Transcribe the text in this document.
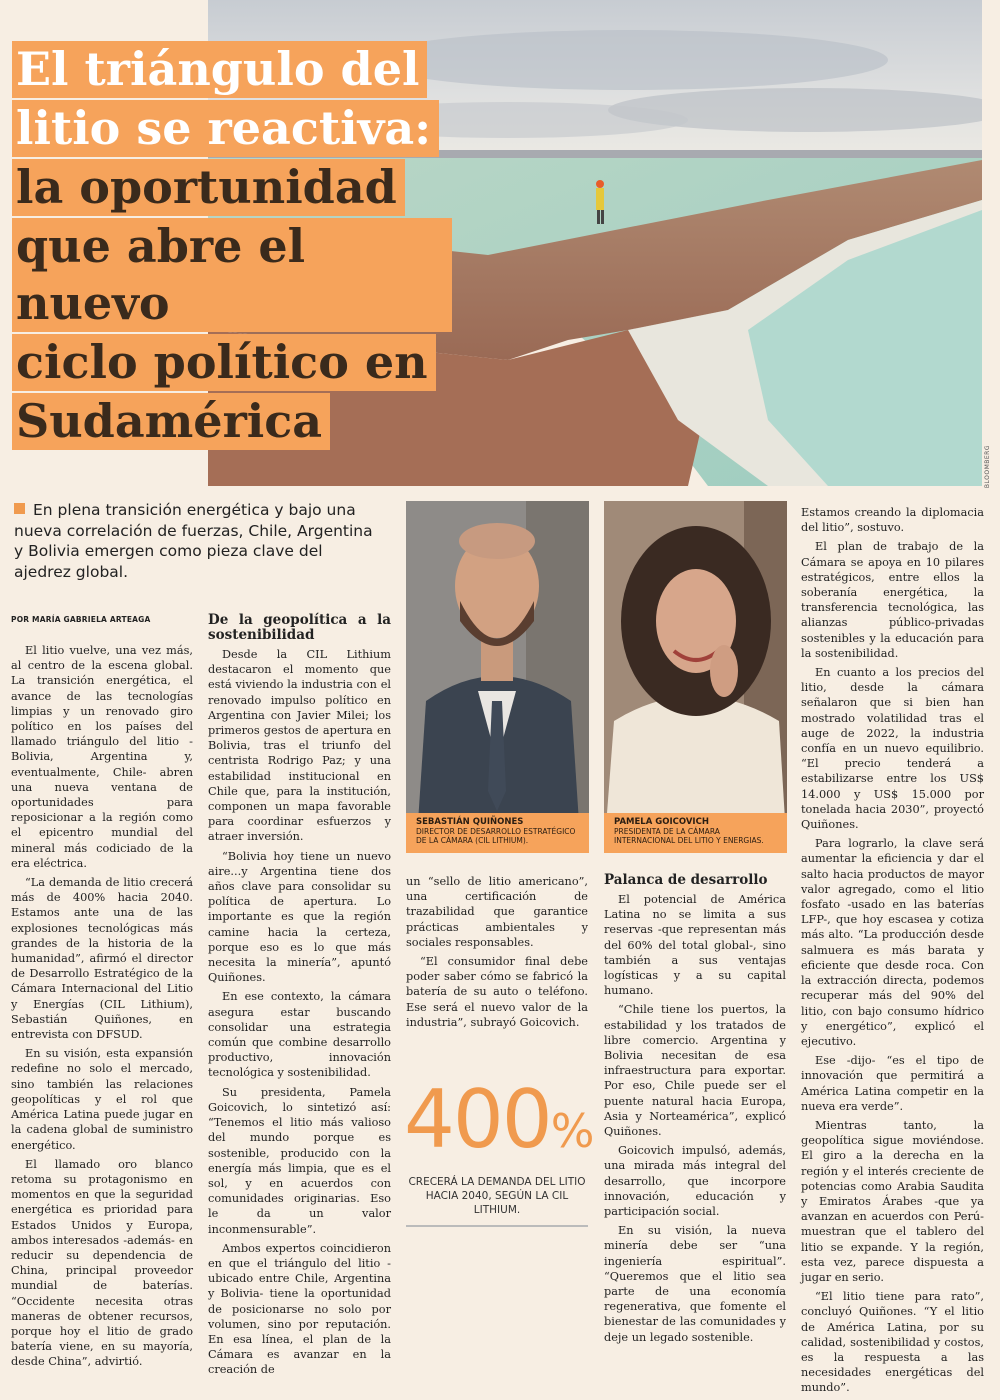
BLOOMBERG
El triángulo del
litio se reactiva:
la oportunidad
que abre el nuevo
ciclo político en
Sudamérica
En plena transición energética y bajo una nueva correlación de fuerzas, Chile, Argentina y Bolivia emergen como pieza clave del ajedrez global.
POR MARÍA GABRIELA ARTEAGA

El litio vuelve, una vez más, al centro de la escena global. La transición energética, el avance de las tecnologías limpias y un renovado giro político en los países del llamado triángulo del litio -Bolivia, Argentina y, eventualmente, Chile- abren una nueva ventana de oportunidades para reposicionar a la región como el epicentro mundial del mineral más codiciado de la era eléctrica.

“La demanda de litio crecerá más de 400% hacia 2040. Estamos ante una de las explosiones tecnológicas más grandes de la historia de la humanidad”, afirmó el director de Desarrollo Estratégico de la Cámara Internacional del Litio y Energías (CIL Lithium), Sebastián Quiñones, en entrevista con DFSUD.

En su visión, esta expansión redefine no solo el mercado, sino también las relaciones geopolíticas y el rol que América Latina puede jugar en la cadena global de suministro energético.

El llamado oro blanco retoma su protagonismo en momentos en que la seguridad energética es prioridad para Estados Unidos y Europa, ambos interesados -además- en reducir su dependencia de China, principal proveedor mundial de baterías. “Occidente necesita otras maneras de obtener recursos, porque hoy el litio de grado batería viene, en su mayoría, desde China”, advirtió.

De la geopolítica a la sostenibilidad

Desde la CIL Lithium destacaron el momento que está viviendo la industria con el renovado impulso político en Argentina con Javier Milei; los primeros gestos de apertura en Bolivia, tras el triunfo del centrista Rodrigo Paz; y una estabilidad institucional en Chile que, para la institución, componen un mapa favorable para coordinar esfuerzos y atraer inversión.

“Bolivia hoy tiene un nuevo aire...y Argentina tiene dos años clave para consolidar su política de apertura. Lo importante es que la región camine hacia la certeza, porque eso es lo que más necesita la minería”, apuntó Quiñones.

En ese contexto, la cámara asegura estar buscando consolidar una estrategia común que combine desarrollo productivo, innovación tecnológica y sostenibilidad.

Su presidenta, Pamela Goicovich, lo sintetizó así: “Tenemos el litio más valioso del mundo porque es sostenible, producido con la energía más limpia, que es el sol, y en acuerdos con comunidades originarias. Eso le da un valor inconmensurable”.

Ambos expertos coincidieron en que el triángulo del litio -ubicado entre Chile, Argentina y Bolivia- tiene la oportunidad de posicionarse no solo por volumen, sino por reputación. En esa línea, el plan de la Cámara es avanzar en la creación de

SEBASTIÁN QUIÑONES
DIRECTOR DE DESARROLLO ESTRATÉGICO DE LA CÁMARA (CIL LITHIUM).
PAMELA GOICOVICH
PRESIDENTA DE LA CÁMARA INTERNACIONAL DEL LITIO Y ENERGIAS.

un “sello de litio americano”, una certificación de trazabilidad que garantice prácticas ambientales y sociales responsables.

“El consumidor final debe poder saber cómo se fabricó la batería de su auto o teléfono. Ese será el nuevo valor de la industria”, subrayó Goicovich.

400%
CRECERÁ LA DEMANDA DEL LITIO HACIA 2040, SEGÚN LA CIL LITHIUM.
Palanca de desarrollo

El potencial de América Latina no se limita a sus reservas -que representan más del 60% del total global-, sino también a sus ventajas logísticas y a su capital humano.

“Chile tiene los puertos, la estabilidad y los tratados de libre comercio. Argentina y Bolivia necesitan de esa infraestructura para exportar. Por eso, Chile puede ser el puente natural hacia Europa, Asia y Norteamérica”, explicó Quiñones.

Goicovich impulsó, además, una mirada más integral del desarrollo, que incorpore innovación, educación y participación social.

En su visión, la nueva minería debe ser “una ingeniería espiritual”. “Queremos que el litio sea parte de una economía regenerativa, que fomente el bienestar de las comunidades y deje un legado sostenible.

Estamos creando la diplomacia del litio”, sostuvo.

El plan de trabajo de la Cámara se apoya en 10 pilares estratégicos, entre ellos la soberanía energética, la transferencia tecnológica, las alianzas público-privadas sostenibles y la educación para la sostenibilidad.

En cuanto a los precios del litio, desde la cámara señalaron que si bien han mostrado volatilidad tras el auge de 2022, la industria confía en un nuevo equilibrio. “El precio tenderá a estabilizarse entre los US$ 14.000 y US$ 15.000 por tonelada hacia 2030”, proyectó Quiñones.

Para lograrlo, la clave será aumentar la eficiencia y dar el salto hacia productos de mayor valor agregado, como el litio fosfato -usado en las baterías LFP-, que hoy escasea y cotiza más alto. “La producción desde salmuera es más barata y eficiente que desde roca. Con la extracción directa, podemos recuperar más del 90% del litio, con bajo consumo hídrico y energético”, explicó el ejecutivo.

Ese -dijo- “es el tipo de innovación que permitirá a América Latina competir en la nueva era verde”.

Mientras tanto, la geopolítica sigue moviéndose. El giro a la derecha en la región y el interés creciente de potencias como Arabia Saudita y Emiratos Árabes -que ya avanzan en acuerdos con Perú- muestran que el tablero del litio se expande. Y la región, esta vez, parece dispuesta a jugar en serio.

“El litio tiene para rato”, concluyó Quiñones. “Y el litio de América Latina, por su calidad, sostenibilidad y costos, es la respuesta a las necesidades energéticas del mundo”.
